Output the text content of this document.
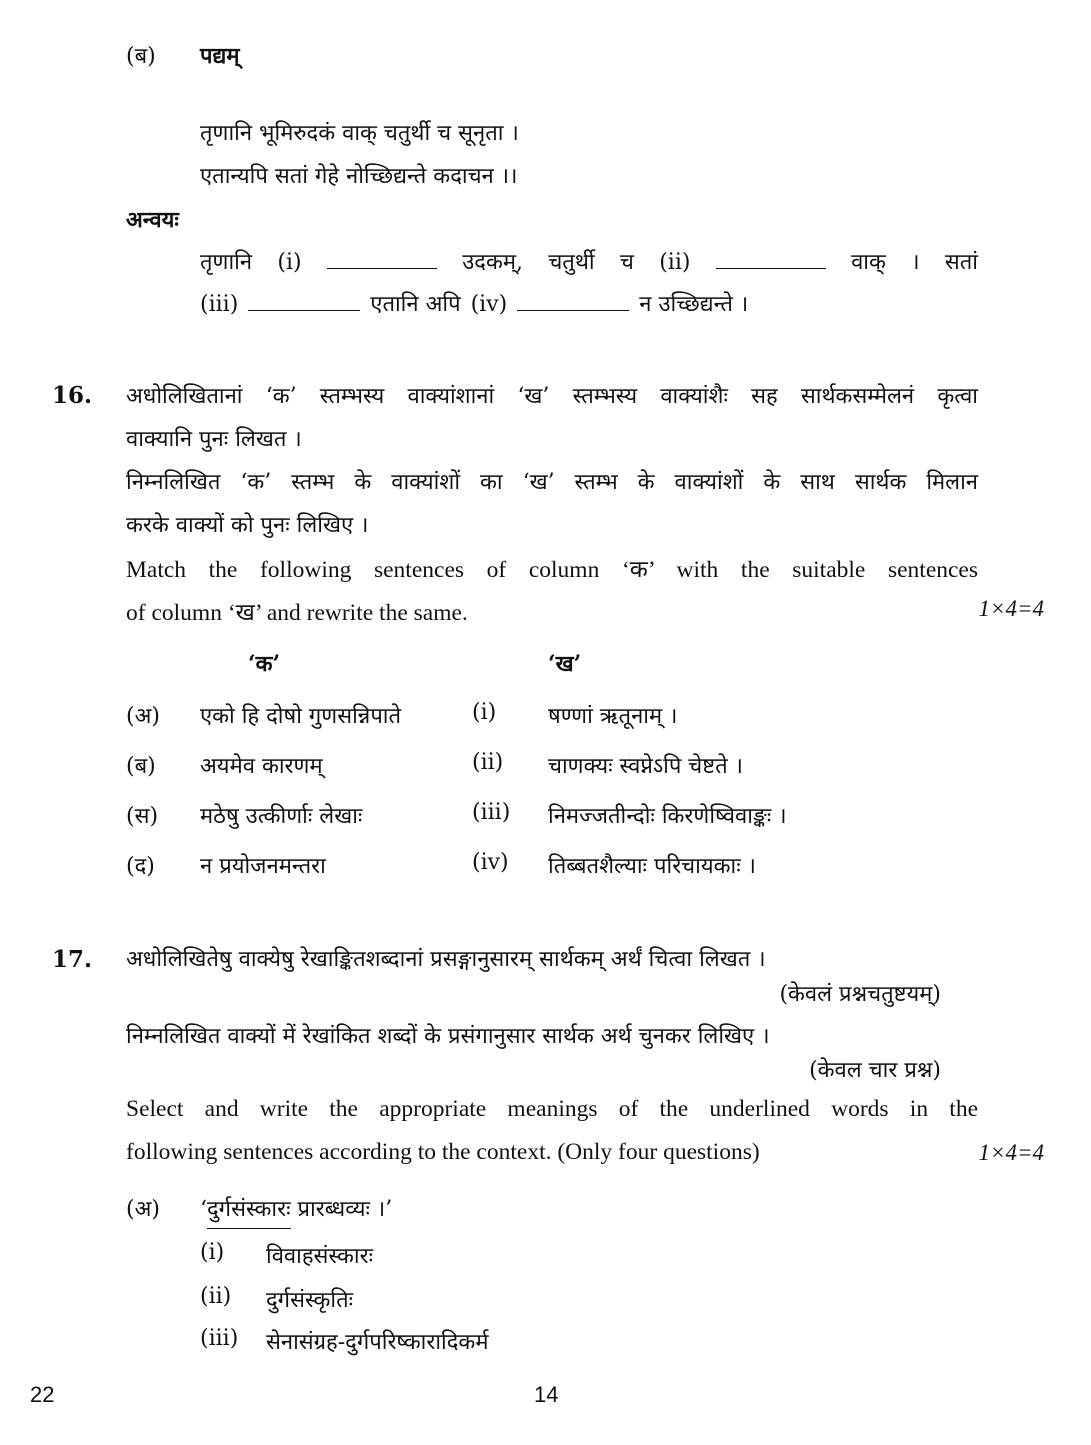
(ब) पद्यम्
तृणानि भूमिरुदकं वाक् चतुर्थी च सूनृता ।
एतान्यपि सतां गेहे नोच्छिद्यन्ते कदाचन ।।
अन्वयः
तृणानि (i)	उदकम्, चतुर्थी च (ii)	वाक् । सतां
(iii)	एतानि अपि (iv)	न उच्छिद्यन्ते ।
16. अधोलिखितानां ‘क’ स्तम्भस्य वाक्यांशानां ‘ख’ स्तम्भस्य वाक्यांशैः सह सार्थकसम्मेलनं कृत्वा
वाक्यानि पुनः लिखत ।
निम्नलिखित ‘क’ स्तम्भ के वाक्यांशों का ‘ख’ स्तम्भ के वाक्यांशों के साथ सार्थक मिलान
करके वाक्यों को पुनः लिखिए ।
Match the following sentences of column ‘क’ with the suitable sentences
of column ‘ख’ and rewrite the same.	1×4=4
‘क’	‘ख’
(अ) एको हि दोषो गुणसन्निपाते	(i) षण्णां ऋतूनाम् ।
(ब) अयमेव कारणम्	(ii) चाणक्यः स्वप्नेऽपि चेष्टते ।
(स) मठेषु उत्कीर्णाः लेखाः	(iii) निमज्जतीन्दोः किरणेष्विवाङ्कः ।
(द) न प्रयोजनमन्तरा	(iv) तिब्बतशैल्याः परिचायकाः ।
17. अधोलिखितेषु वाक्येषु रेखाङ्कितशब्दानां प्रसङ्गानुसारम् सार्थकम् अर्थं चित्वा लिखत ।
(केवलं प्रश्नचतुष्टयम्)
निम्नलिखित वाक्यों में रेखांकित शब्दों के प्रसंगानुसार सार्थक अर्थ चुनकर लिखिए ।
(केवल चार प्रश्न)
Select and write the appropriate meanings of the underlined words in the
following sentences according to the context. (Only four questions)	1×4=4
(अ) ‘दुर्गसंस्कारः प्रारब्धव्यः ।’
(i) विवाहसंस्कारः
(ii) दुर्गसंस्कृतिः
(iii) सेनासंग्रह-दुर्गपरिष्कारादिकर्म
22	14
